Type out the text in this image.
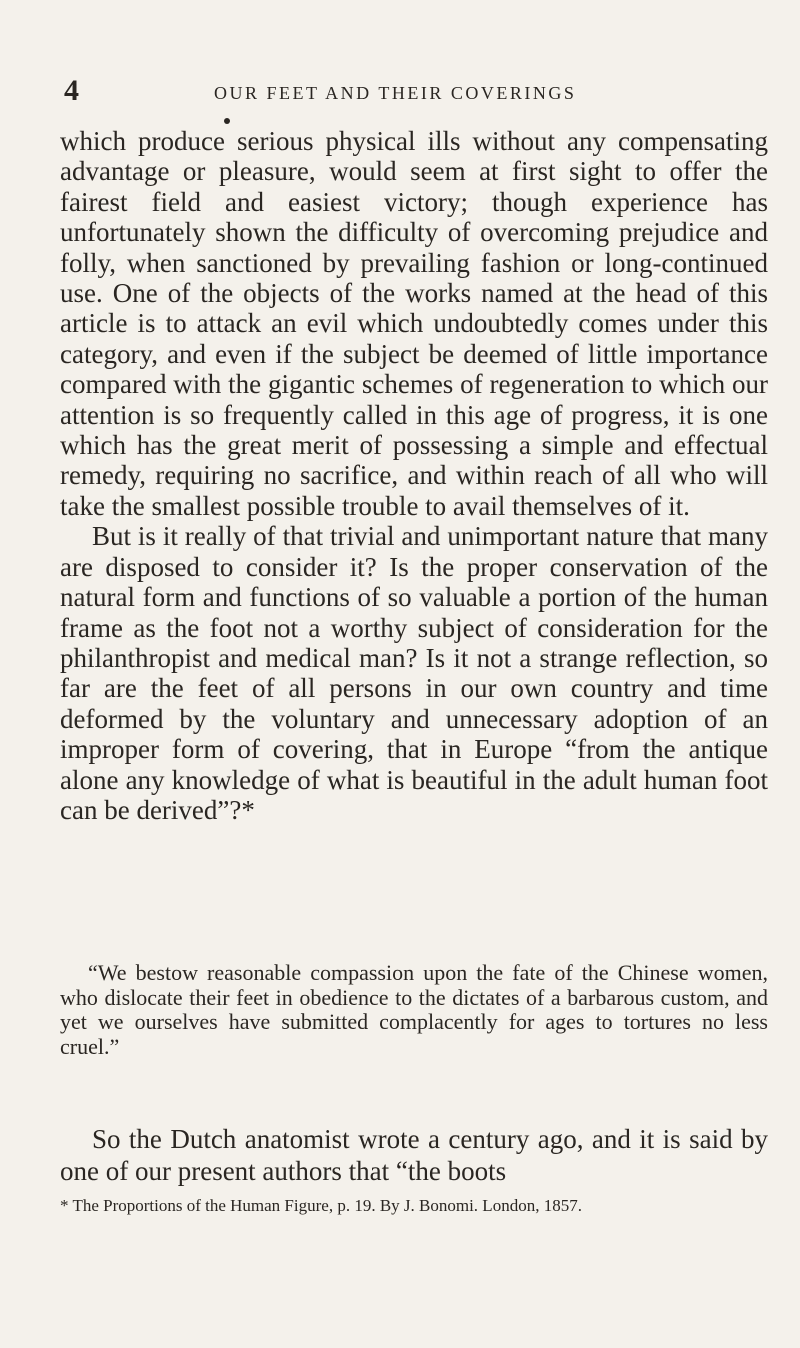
4	OUR FEET AND THEIR COVERINGS

which produce serious physical ills without any compensating advantage or pleasure, would seem at first sight to offer the fairest field and easiest victory; though experience has unfortunately shown the difficulty of overcoming prejudice and folly, when sanctioned by prevailing fashion or long-continued use. One of the objects of the works named at the head of this article is to attack an evil which undoubtedly comes under this category, and even if the subject be deemed of little importance compared with the gigantic schemes of regeneration to which our attention is so frequently called in this age of progress, it is one which has the great merit of possessing a simple and effectual remedy, requiring no sacrifice, and within reach of all who will take the smallest possible trouble to avail themselves of it.

But is it really of that trivial and unimportant nature that many are disposed to consider it? Is the proper conservation of the natural form and functions of so valuable a portion of the human frame as the foot not a worthy subject of consideration for the philanthropist and medical man? Is it not a strange reflection, so far are the feet of all persons in our own country and time deformed by the voluntary and unnecessary adoption of an improper form of covering, that in Europe “from the antique alone any knowledge of what is beautiful in the adult human foot can be derived”?*

“We bestow reasonable compassion upon the fate of the Chinese women, who dislocate their feet in obedience to the dictates of a barbarous custom, and yet we ourselves have submitted complacently for ages to tortures no less cruel.”

So the Dutch anatomist wrote a century ago, and it is said by one of our present authors that “the boots

* The Proportions of the Human Figure, p. 19. By J. Bonomi. London, 1857.
